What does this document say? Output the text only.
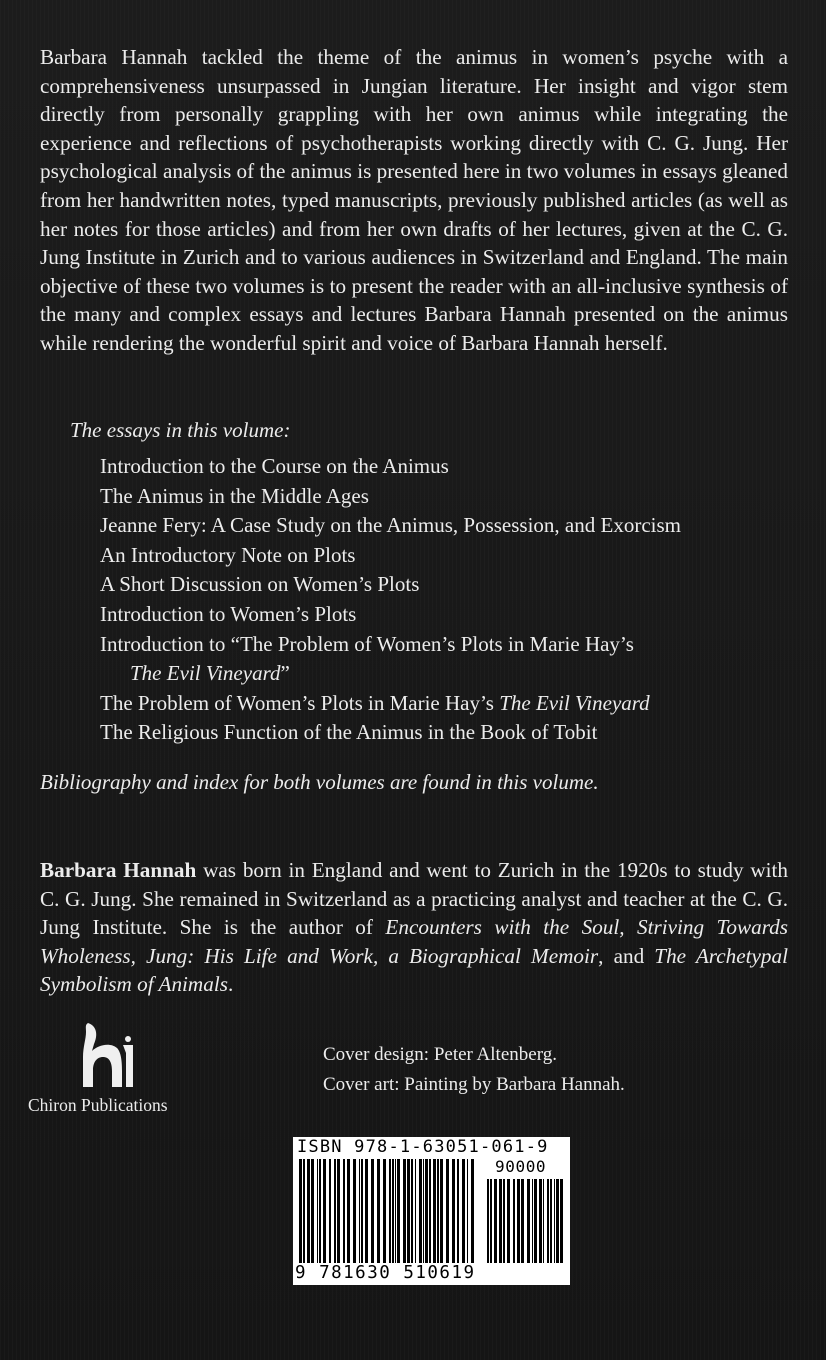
Barbara Hannah tackled the theme of the animus in women’s psyche with a comprehensiveness unsurpassed in Jungian literature. Her insight and vigor stem directly from personally grappling with her own animus while integrating the experience and reflections of psychotherapists working directly with C. G. Jung. Her psychological analysis of the animus is presented here in two volumes in essays gleaned from her handwritten notes, typed manuscripts, previously published articles (as well as her notes for those articles) and from her own drafts of her lectures, given at the C. G. Jung Institute in Zurich and to various audiences in Switzerland and England. The main objective of these two volumes is to present the reader with an all-inclusive synthesis of the many and complex essays and lectures Barbara Hannah presented on the animus while rendering the wonderful spirit and voice of Barbara Hannah herself.

The essays in this volume:

Introduction to the Course on the Animus
The Animus in the Middle Ages
Jeanne Fery: A Case Study on the Animus, Possession, and Exorcism
An Introductory Note on Plots
A Short Discussion on Women’s Plots
Introduction to Women’s Plots
Introduction to “The Problem of Women’s Plots in Marie Hay’s
The Evil Vineyard”
The Problem of Women’s Plots in Marie Hay’s The Evil Vineyard
The Religious Function of the Animus in the Book of Tobit

Bibliography and index for both volumes are found in this volume.

Barbara Hannah was born in England and went to Zurich in the 1920s to study with C. G. Jung. She remained in Switzerland as a practicing analyst and teacher at the C. G. Jung Institute. She is the author of Encounters with the Soul, Striving Towards Wholeness, Jung: His Life and Work, a Biographical Memoir, and The Archetypal Symbolism of Animals.

Chiron Publications
Cover design: Peter Altenberg.
Cover art: Painting by Barbara Hannah.
ISBN 978-1-63051-061-9
90000
9 781630 510619
